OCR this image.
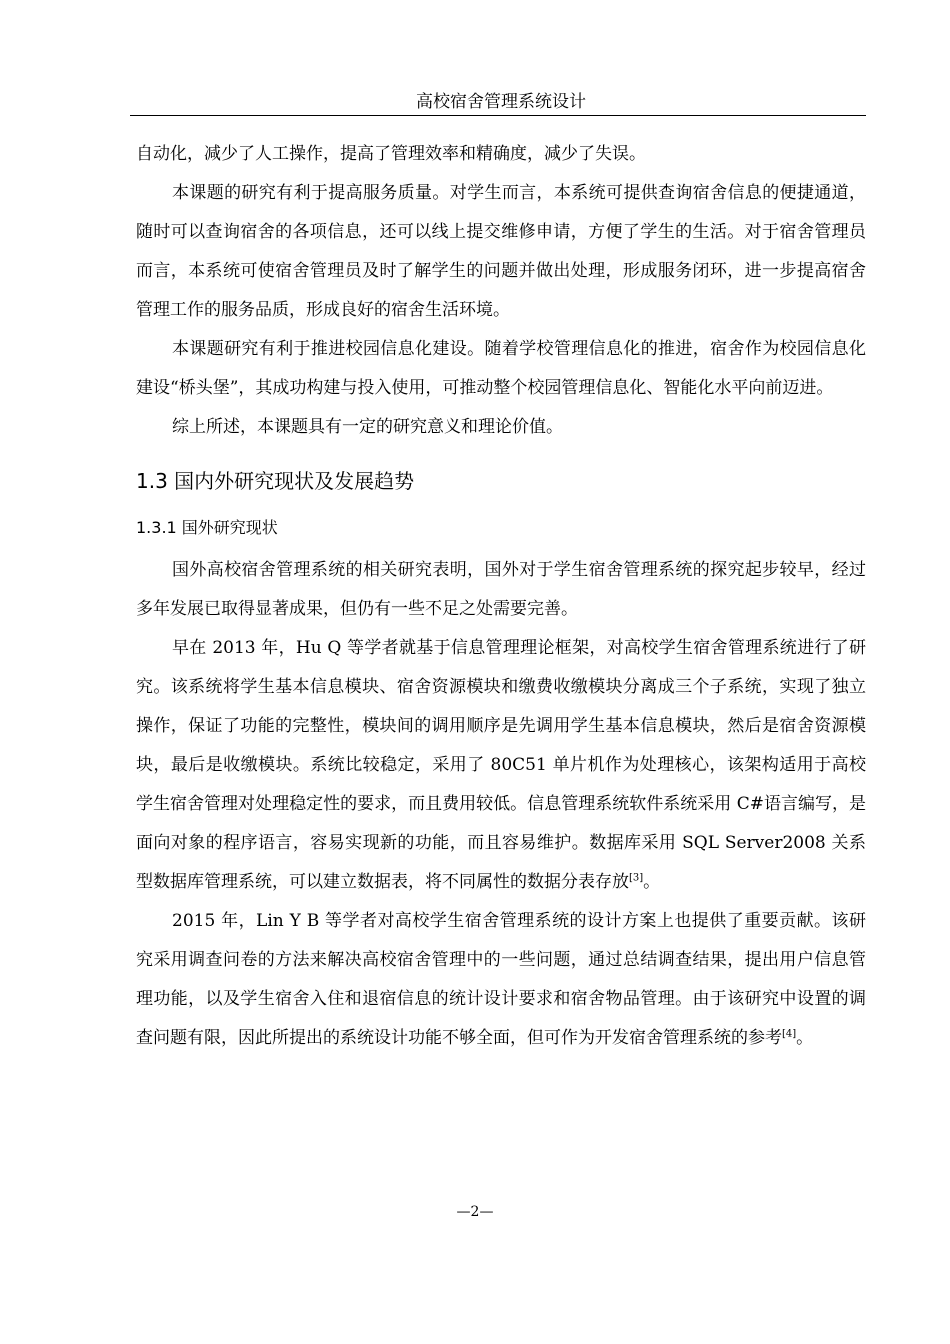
高校宿舍管理系统设计

自动化，减少了人工操作，提高了管理效率和精确度，减少了失误。

本课题的研究有利于提高服务质量。对学生而言，本系统可提供查询宿舍信息的便捷通道，随时可以查询宿舍的各项信息，还可以线上提交维修申请，方便了学生的生活。对于宿舍管理员而言，本系统可使宿舍管理员及时了解学生的问题并做出处理，形成服务闭环，进一步提高宿舍管理工作的服务品质，形成良好的宿舍生活环境。

本课题研究有利于推进校园信息化建设。随着学校管理信息化的推进，宿舍作为校园信息化建设“桥头堡”，其成功构建与投入使用，可推动整个校园管理信息化、智能化水平向前迈进。

综上所述，本课题具有一定的研究意义和理论价值。

1.3 国内外研究现状及发展趋势
1.3.1 国外研究现状

国外高校宿舍管理系统的相关研究表明，国外对于学生宿舍管理系统的探究起步较早，经过多年发展已取得显著成果，但仍有一些不足之处需要完善。

早在 2013 年，Hu Q 等学者就基于信息管理理论框架，对高校学生宿舍管理系统进行了研究。该系统将学生基本信息模块、宿舍资源模块和缴费收缴模块分离成三个子系统，实现了独立操作，保证了功能的完整性，模块间的调用顺序是先调用学生基本信息模块，然后是宿舍资源模块，最后是收缴模块。系统比较稳定，采用了 80C51 单片机作为处理核心，该架构适用于高校学生宿舍管理对处理稳定性的要求，而且费用较低。信息管理系统软件系统采用 C#语言编写，是面向对象的程序语言，容易实现新的功能，而且容易维护。数据库采用 SQL Server2008 关系型数据库管理系统，可以建立数据表，将不同属性的数据分表存放[3]。

2015 年，Lin Y B 等学者对高校学生宿舍管理系统的设计方案上也提供了重要贡献。该研究采用调查问卷的方法来解决高校宿舍管理中的一些问题，通过总结调查结果，提出用户信息管理功能，以及学生宿舍入住和退宿信息的统计设计要求和宿舍物品管理。由于该研究中设置的调查问题有限，因此所提出的系统设计功能不够全面，但可作为开发宿舍管理系统的参考[4]。

—2—
